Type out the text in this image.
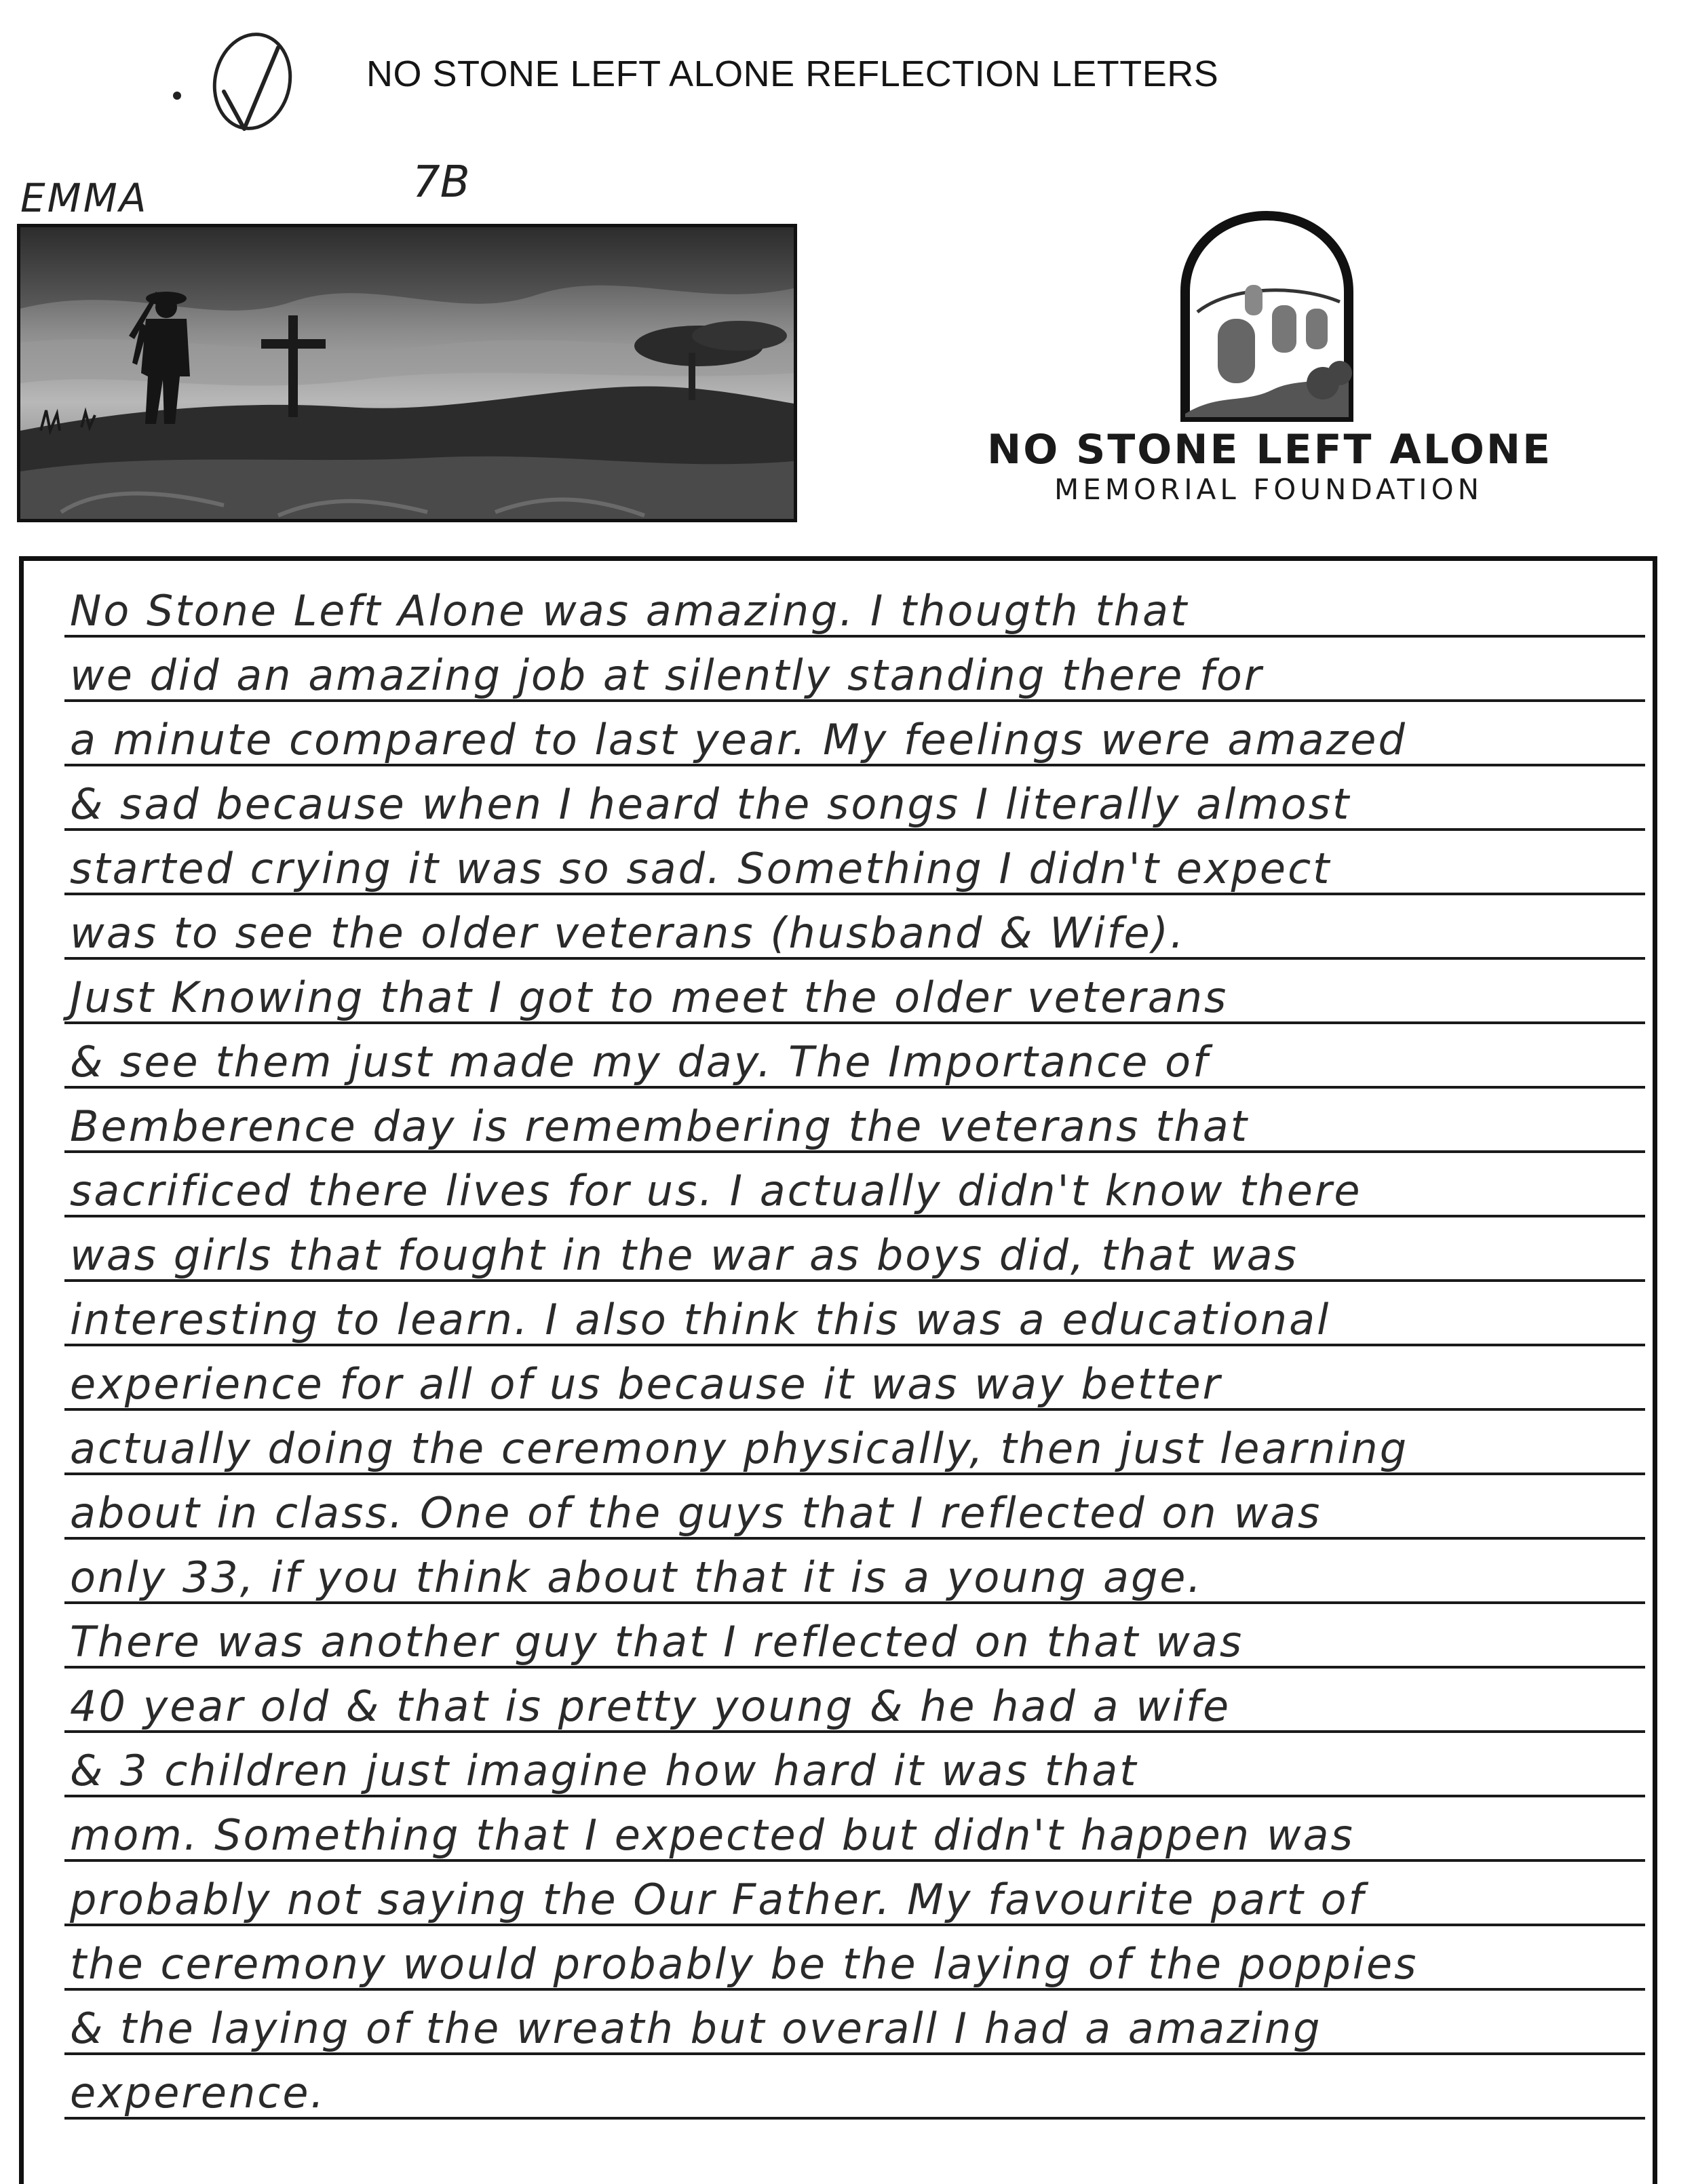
NO STONE LEFT ALONE REFLECTION LETTERS
EMMA	7B
NO STONE LEFT ALONE
MEMORIAL FOUNDATION
No Stone Left Alone was amazing. I thougth that
we did an amazing job at silently standing there for
a minute compared to last year. My feelings were amazed
& sad because when I heard the songs I literally almost
started crying it was so sad. Something I didn't expect
was to see the older veterans (husband & Wife).
Just Knowing that I got to meet the older veterans
& see them just made my day. The Importance of
Bemberence day is remembering the veterans that
sacrificed there lives for us. I actually didn't know there
was girls that fought in the war as boys did, that was
interesting to learn. I also think this was a educational
experience for all of us because it was way better
actually doing the ceremony physically, then just learning
about in class. One of the guys that I reflected on was
only 33, if you think about that it is a young age.
There was another guy that I reflected on that was
40 year old & that is pretty young & he had a wife
& 3 children just imagine how hard it was that
mom. Something that I expected but didn't happen was
probably not saying the Our Father. My favourite part of
the ceremony would probably be the laying of the poppies
& the laying of the wreath but overall I had a amazing
experence.
